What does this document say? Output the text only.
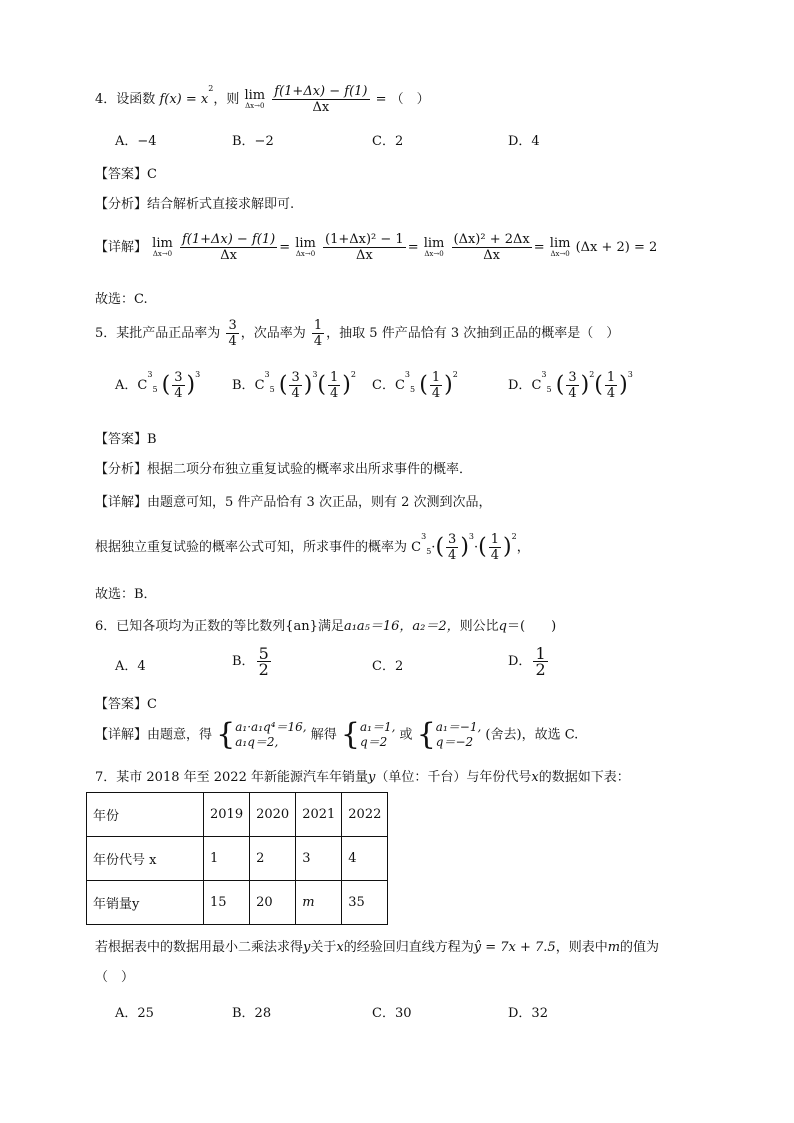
4．设函数 $f(x) = x^2$，则 lim
Δx→0
$\frac{f(1+\Delta x) - f(1)}{\Delta x}$ = （　）
A．−4	B．−2	C．2	D．4
【答案】C
【分析】结合解析式直接求解即可.
【详解】 lim
Δx→0
$\frac{f(1+\Delta x) - f(1)}{\Delta x} = \lim$
Δx→0
$\frac{\text{(1+Δx)² − 1}}{\Delta x} = \lim$
Δx→0
$\frac{\text{(Δx)² + 2Δx}}{\Delta x} = \lim$
Δx→0 (Δx + 2) = 2
故选：C.
5．某批产品正品率为 $\frac{3}{4}$ ，次品率为 $\frac{1}{4}$ ，抽取 5 件产品恰有 3 次抽到正品的概率是（　）
A．$C^3_5$ ( $\frac{3}{4} )^3$
B．$C^3_5$ ( $\frac{3}{4} )^3( \frac{1}{4} )^2$
C．$C^3_5$ ( $\frac{1}{4} )^2$
D．$C^3_5$ ( $\frac{3}{4} )^2( \frac{1}{4} )^3$
【答案】B
【分析】根据二项分布独立重复试验的概率求出所求事件的概率．
【详解】由题意可知，5 件产品恰有 3 次正品，则有 2 次测到次品，
根据独立重复试验的概率公式可知，所求事件的概率为 $C^3_5\cdot( \frac{3}{4} )^3\cdot( \frac{1}{4} )^2$，
故选：B．
6．已知各项均为正数的等比数列{an}满足a₁a₅＝16，a₂＝2，则公比q＝(　　)
A．4	B． $\frac{5}{2}$	C．2	D． $\frac{1}{2}$
【答案】C
【详解】由题意，得 { a₁·a₁q⁴＝16,
a₁q＝2,	解得 { a₁＝1,
q＝2 或 { a₁＝−1,
q＝−2 (舍去)，故选 C.
7．某市 2018 年至 2022 年新能源汽车年销量y（单位：千台）与年份代号x的数据如下表：
年份	2019	2020	2021	2022
年份代号 x	1	2	3	4
年销量y	15	20	m	35
若根据表中的数据用最小二乘法求得y关于x的经验回归直线方程为ŷ = 7x + 7.5，则表中m的值为
（　）
A．25	B．28	C．30	D．32
